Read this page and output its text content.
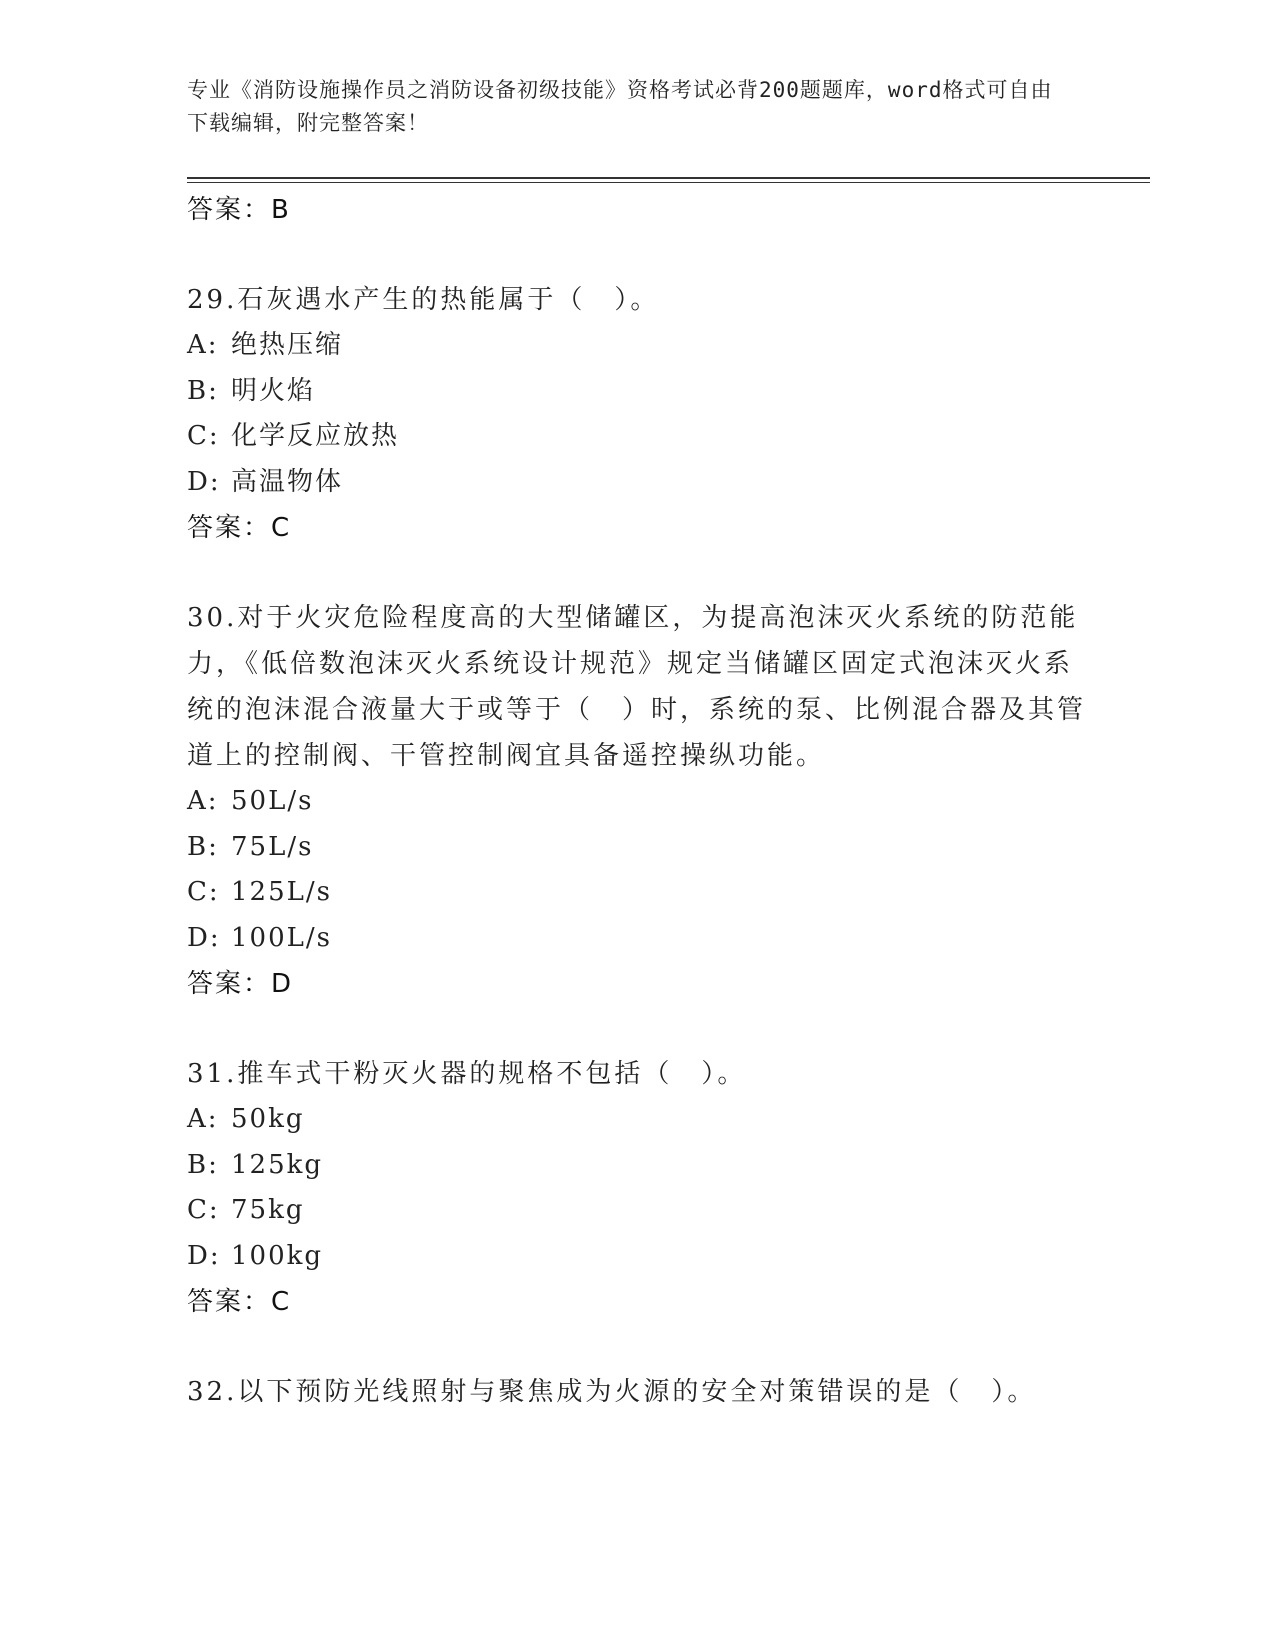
专业《消防设施操作员之消防设备初级技能》资格考试必背200题题库，word格式可自由下载编辑，附完整答案！

答案：B

29.石灰遇水产生的热能属于（　）。

A: 绝热压缩

B: 明火焰

C: 化学反应放热

D: 高温物体

答案：C

30.对于火灾危险程度高的大型储罐区，为提高泡沫灭火系统的防范能力，《低倍数泡沫灭火系统设计规范》规定当储罐区固定式泡沫灭火系统的泡沫混合液量大于或等于（　）时，系统的泵、比例混合器及其管道上的控制阀、干管控制阀宜具备遥控操纵功能。

A: 50L/s

B: 75L/s

C: 125L/s

D: 100L/s

答案：D

31.推车式干粉灭火器的规格不包括（　）。

A: 50kg

B: 125kg

C: 75kg

D: 100kg

答案：C

32.以下预防光线照射与聚焦成为火源的安全对策错误的是（　）。
